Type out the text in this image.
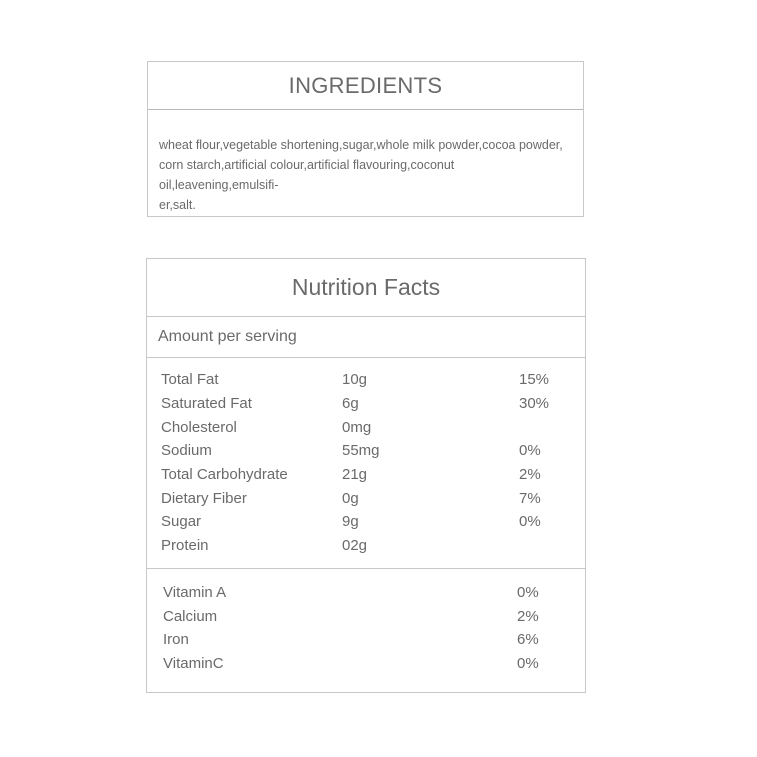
INGREDIENTS
wheat flour,vegetable shortening,sugar,whole milk powder,cocoa powder,
corn starch,artificial colour,artificial flavouring,coconut oil,leavening,emulsifi-
er,salt.
Nutrition Facts
Amount per serving
Total Fat	10g	15%
Saturated Fat	6g	30%
Cholesterol	0mg
Sodium	55mg	0%
Total Carbohydrate	21g	2%
Dietary Fiber	0g	7%
Sugar	9g	0%
Protein	02g
Vitamin A	0%
Calcium	2%
Iron	6%
VitaminC	0%
